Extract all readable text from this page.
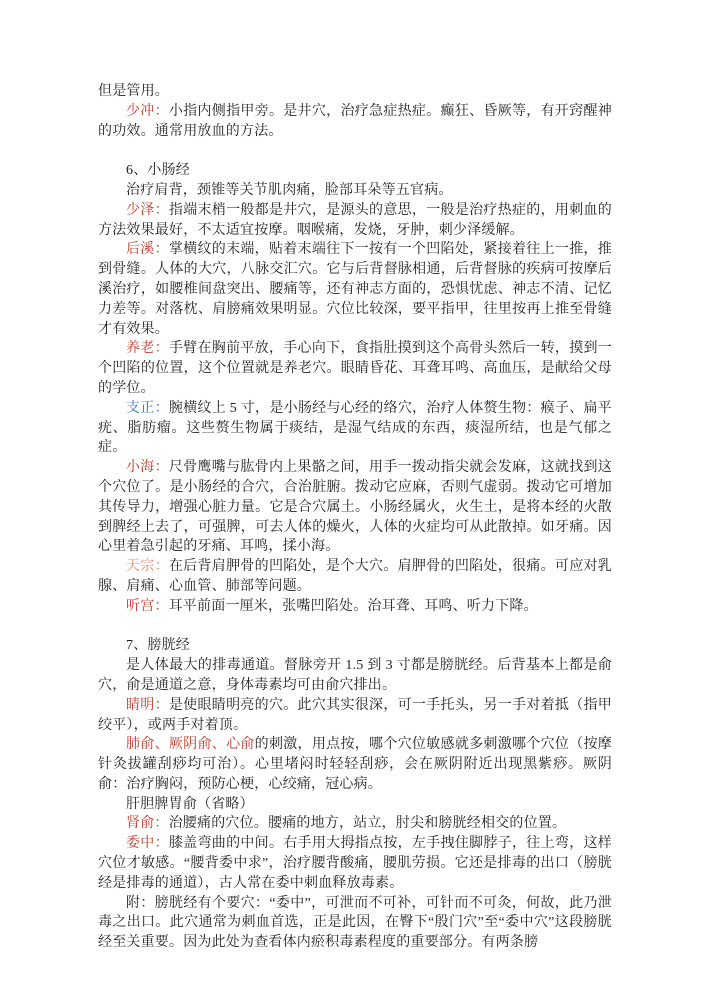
但是管用。
少冲：小指内侧指甲旁。是井穴，治疗急症热症。癫狂、昏厥等，有开窍醒神的功效。通常用放血的方法。
6、小肠经
治疗肩背，颈锥等关节肌肉痛，脸部耳朵等五官病。
少泽：指端末梢一般都是井穴，是源头的意思，一般是治疗热症的，用刺血的方法效果最好，不太适宜按摩。咽喉痛，发烧，牙肿，刺少泽缓解。
后溪：掌横纹的末端，贴着末端往下一按有一个凹陷处，紧接着往上一推，推到骨缝。人体的大穴，八脉交汇穴。它与后背督脉相通，后背督脉的疾病可按摩后溪治疗，如腰椎间盘突出、腰痛等，还有神志方面的，恐惧忧虑、神志不清、记忆力差等。对落枕、肩膀痛效果明显。穴位比较深，要平指甲，往里按再上推至骨缝才有效果。
养老：手臂在胸前平放，手心向下，食指肚摸到这个高骨头然后一转，摸到一个凹陷的位置，这个位置就是养老穴。眼睛昏花、耳聋耳鸣、高血压，是献给父母的学位。
支正：腕横纹上 5 寸，是小肠经与心经的络穴，治疗人体赘生物：瘊子、扁平疣、脂肪瘤。这些赘生物属于痰结，是湿气结成的东西，痰湿所结，也是气郁之症。
小海：尺骨鹰嘴与肱骨内上果骼之间，用手一拨动指尖就会发麻，这就找到这个穴位了。是小肠经的合穴，合治脏腑。拨动它应麻，否则气虚弱。拨动它可增加其传导力，增强心脏力量。它是合穴属土。小肠经属火，火生土，是将本经的火散到脾经上去了，可强脾，可去人体的燥火，人体的火症均可从此散掉。如牙痛。因心里着急引起的牙痛、耳鸣，揉小海。
天宗：在后背肩胛骨的凹陷处，是个大穴。肩胛骨的凹陷处，很痛。可应对乳腺、肩痛、心血管、肺部等问题。
听宫：耳平前面一厘米，张嘴凹陷处。治耳聋、耳鸣、听力下降。
7、膀胱经
是人体最大的排毒通道。督脉旁开 1.5 到 3 寸都是膀胱经。后背基本上都是俞穴，俞是通道之意，身体毒素均可由俞穴排出。
睛明：是使眼睛明亮的穴。此穴其实很深，可一手托头，另一手对着抵（指甲绞平），或两手对着顶。
肺俞、厥阴俞、心俞的刺激，用点按，哪个穴位敏感就多刺激哪个穴位（按摩针灸拔罐刮痧均可治）。心里堵闷时轻轻刮痧，会在厥阴附近出现黑紫痧。厥阴俞：治疗胸闷，预防心梗，心绞痛，冠心病。
肝胆脾胃俞（省略）
肾俞：治腰痛的穴位。腰痛的地方，站立，肘尖和膀胱经相交的位置。
委中：膝盖弯曲的中间。右手用大拇指点按，左手拽住脚脖子，往上弯，这样穴位才敏感。“腰背委中求”，治疗腰背酸痛，腰肌劳损。它还是排毒的出口（膀胱经是排毒的通道），古人常在委中刺血释放毒素。
附：膀胱经有个要穴：“委中”，可泄而不可补，可针而不可灸，何故，此乃泄毒之出口。此穴通常为刺血首选，正是此因，在臀下“殷门穴”至“委中穴”这段膀胱经至关重要。因为此处为查看体内瘀积毒素程度的重要部分。有两条膀
